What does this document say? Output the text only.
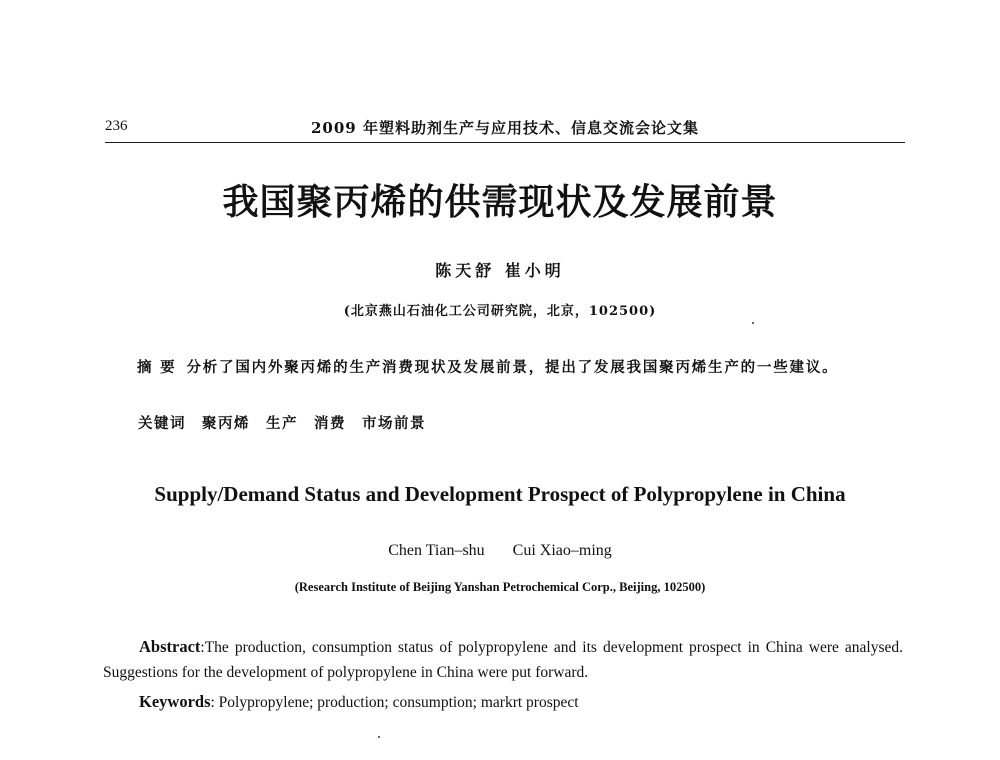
236	2009 年塑料助剂生产与应用技术、信息交流会论文集
我国聚丙烯的供需现状及发展前景
陈天舒 崔小明
(北京燕山石油化工公司研究院，北京，102500)
摘 要 分析了国内外聚丙烯的生产消费现状及发展前景，提出了发展我国聚丙烯生产的一些建议。
关键词 聚丙烯 生产 消费 市场前景
Supply/Demand Status and Development Prospect of Polypropylene in China
Chen Tian–shu Cui Xiao–ming
(Research Institute of Beijing Yanshan Petrochemical Corp., Beijing, 102500)
Abstract:The production, consumption status of polypropylene and its development prospect in China were analysed. Suggestions for the development of polypropylene in China were put forward.
Keywords: Polypropylene; production; consumption; markrt prospect
